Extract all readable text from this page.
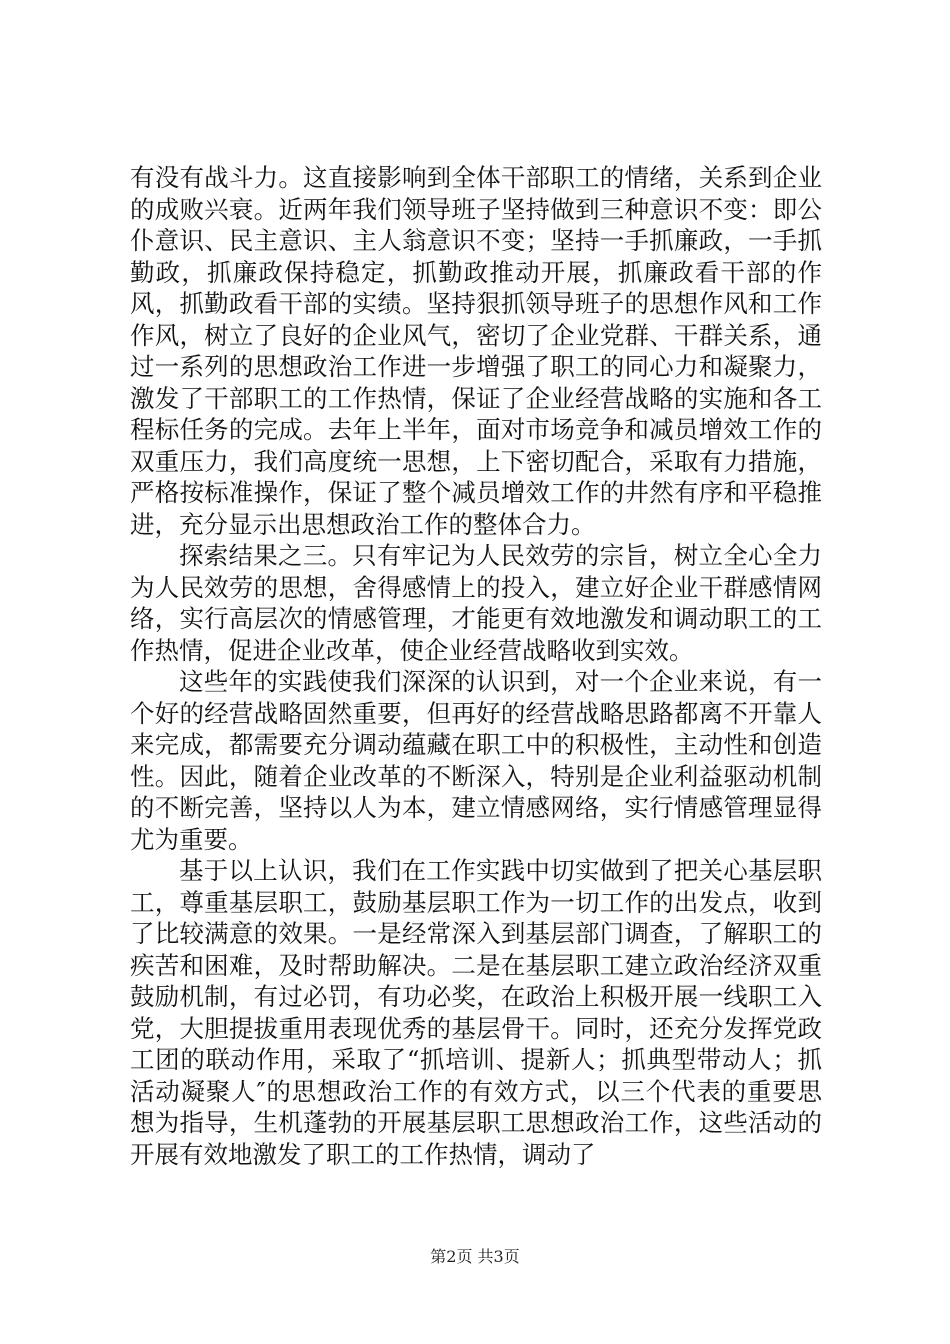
有没有战斗力。这直接影响到全体干部职工的情绪，关系到企业的成败兴衰。近两年我们领导班子坚持做到三种意识不变：即公仆意识、民主意识、主人翁意识不变；坚持一手抓廉政，一手抓勤政，抓廉政保持稳定，抓勤政推动开展，抓廉政看干部的作风，抓勤政看干部的实绩。坚持狠抓领导班子的思想作风和工作作风，树立了良好的企业风气，密切了企业党群、干群关系，通过一系列的思想政治工作进一步增强了职工的同心力和凝聚力，激发了干部职工的工作热情，保证了企业经营战略的实施和各工程标任务的完成。去年上半年，面对市场竞争和减员增效工作的双重压力，我们高度统一思想，上下密切配合，采取有力措施，严格按标准操作，保证了整个减员增效工作的井然有序和平稳推进，充分显示出思想政治工作的整体合力。

探索结果之三。只有牢记为人民效劳的宗旨，树立全心全力为人民效劳的思想，舍得感情上的投入，建立好企业干群感情网络，实行高层次的情感管理，才能更有效地激发和调动职工的工作热情，促进企业改革，使企业经营战略收到实效。

这些年的实践使我们深深的认识到，对一个企业来说，有一个好的经营战略固然重要，但再好的经营战略思路都离不开靠人来完成，都需要充分调动蕴藏在职工中的积极性，主动性和创造性。因此，随着企业改革的不断深入，特别是企业利益驱动机制的不断完善，坚持以人为本，建立情感网络，实行情感管理显得尤为重要。

基于以上认识，我们在工作实践中切实做到了把关心基层职工，尊重基层职工，鼓励基层职工作为一切工作的出发点，收到了比较满意的效果。一是经常深入到基层部门调查，了解职工的疾苦和困难，及时帮助解决。二是在基层职工建立政治经济双重鼓励机制，有过必罚，有功必奖，在政治上积极开展一线职工入党，大胆提拔重用表现优秀的基层骨干。同时，还充分发挥党政工团的联动作用，采取了“抓培训、提新人；抓典型带动人；抓活动凝聚人″的思想政治工作的有效方式，以三个代表的重要思想为指导，生机蓬勃的开展基层职工思想政治工作，这些活动的开展有效地激发了职工的工作热情，调动了

第2页 共3页
